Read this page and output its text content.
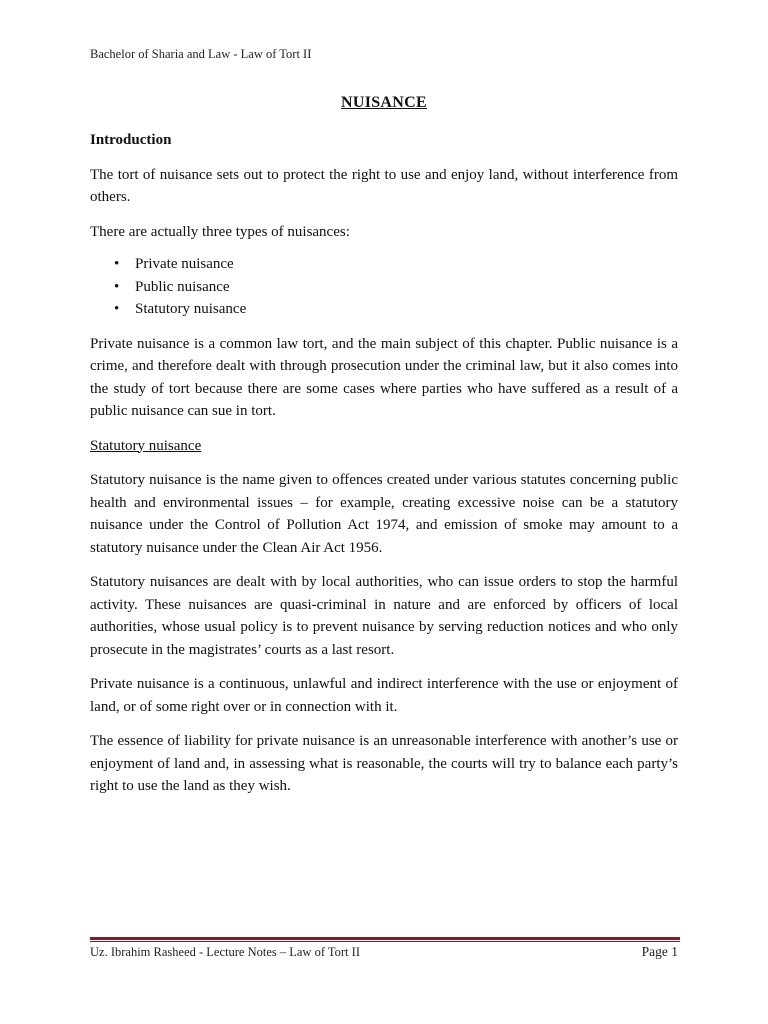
Bachelor of Sharia and Law - Law of Tort II
NUISANCE
Introduction

The tort of nuisance sets out to protect the right to use and enjoy land, without interference from others.

There are actually three types of nuisances:

• Private nuisance
• Public nuisance
• Statutory nuisance

Private nuisance is a common law tort, and the main subject of this chapter. Public nuisance is a crime, and therefore dealt with through prosecution under the criminal law, but it also comes into the study of tort because there are some cases where parties who have suffered as a result of a public nuisance can sue in tort.

Statutory nuisance

Statutory nuisance is the name given to offences created under various statutes concerning public health and environmental issues – for example, creating excessive noise can be a statutory nuisance under the Control of Pollution Act 1974, and emission of smoke may amount to a statutory nuisance under the Clean Air Act 1956.

Statutory nuisances are dealt with by local authorities, who can issue orders to stop the harmful activity. These nuisances are quasi-criminal in nature and are enforced by officers of local authorities, whose usual policy is to prevent nuisance by serving reduction notices and who only prosecute in the magistrates’ courts as a last resort.

Private nuisance is a continuous, unlawful and indirect interference with the use or enjoyment of land, or of some right over or in connection with it.

The essence of liability for private nuisance is an unreasonable interference with another’s use or enjoyment of land and, in assessing what is reasonable, the courts will try to balance each party’s right to use the land as they wish.

Uz. Ibrahim Rasheed - Lecture Notes – Law of Tort II	Page 1
